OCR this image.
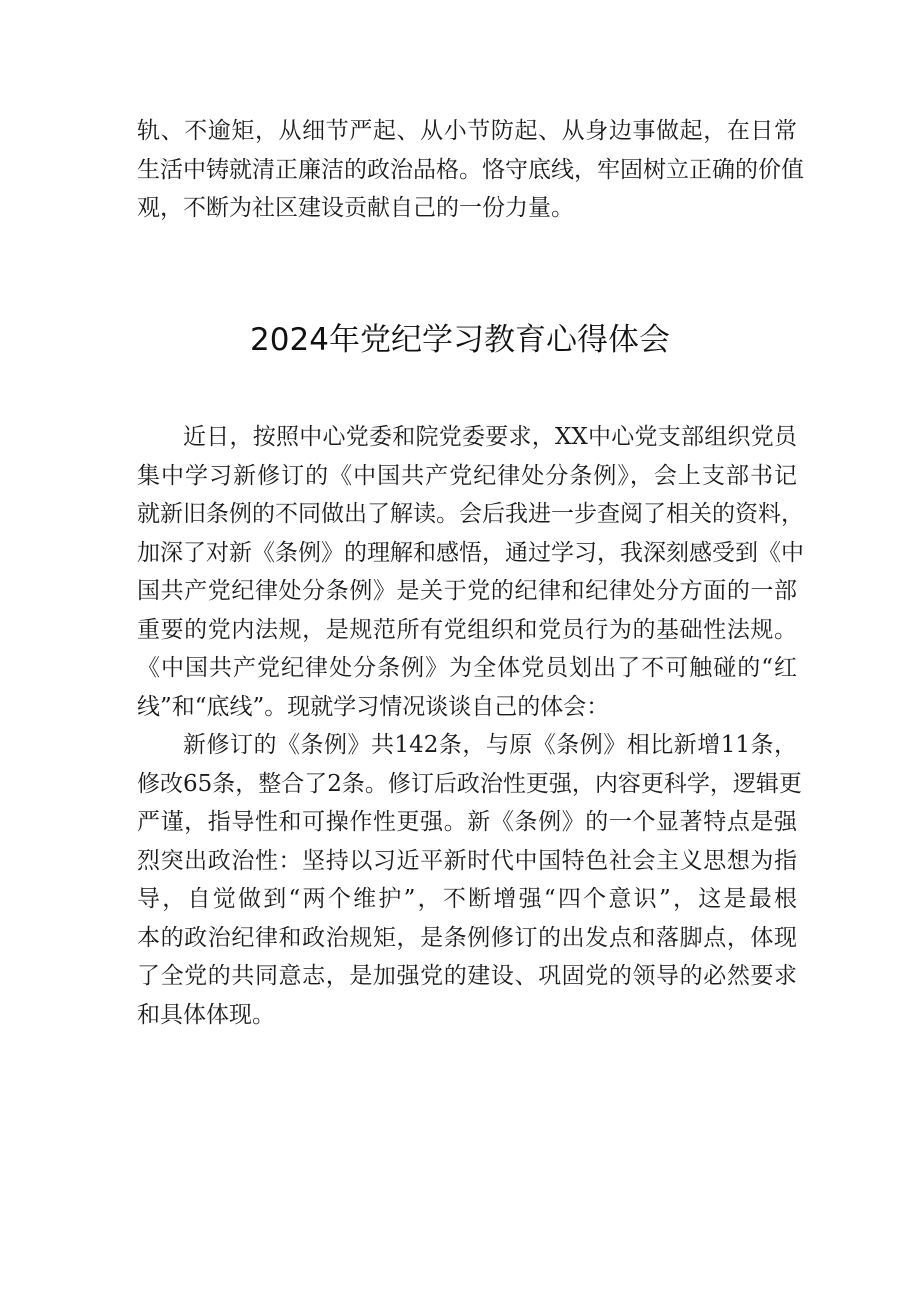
轨、不逾矩，从细节严起、从小节防起、从身边事做起，在日常
生活中铸就清正廉洁的政治品格。恪守底线，牢固树立正确的价值
观，不断为社区建设贡献自己的一份力量。
2024年党纪学习教育心得体会
近日，按照中心党委和院党委要求，XX中心党支部组织党员
集中学习新修订的《中国共产党纪律处分条例》，会上支部书记
就新旧条例的不同做出了解读。会后我进一步查阅了相关的资料，
加深了对新《条例》的理解和感悟，通过学习，我深刻感受到《中
国共产党纪律处分条例》是关于党的纪律和纪律处分方面的一部
重要的党内法规，是规范所有党组织和党员行为的基础性法规。
《中国共产党纪律处分条例》为全体党员划出了不可触碰的“红
线”和“底线”。现就学习情况谈谈自己的体会：
新修订的《条例》共142条，与原《条例》相比新增11条，
修改65条，整合了2条。修订后政治性更强，内容更科学，逻辑更
严谨，指导性和可操作性更强。新《条例》的一个显著特点是强
烈突出政治性：坚持以习近平新时代中国特色社会主义思想为指
导，自觉做到“两个维护”，不断增强“四个意识”，这是最根
本的政治纪律和政治规矩，是条例修订的出发点和落脚点，体现
了全党的共同意志，是加强党的建设、巩固党的领导的必然要求
和具体体现。
